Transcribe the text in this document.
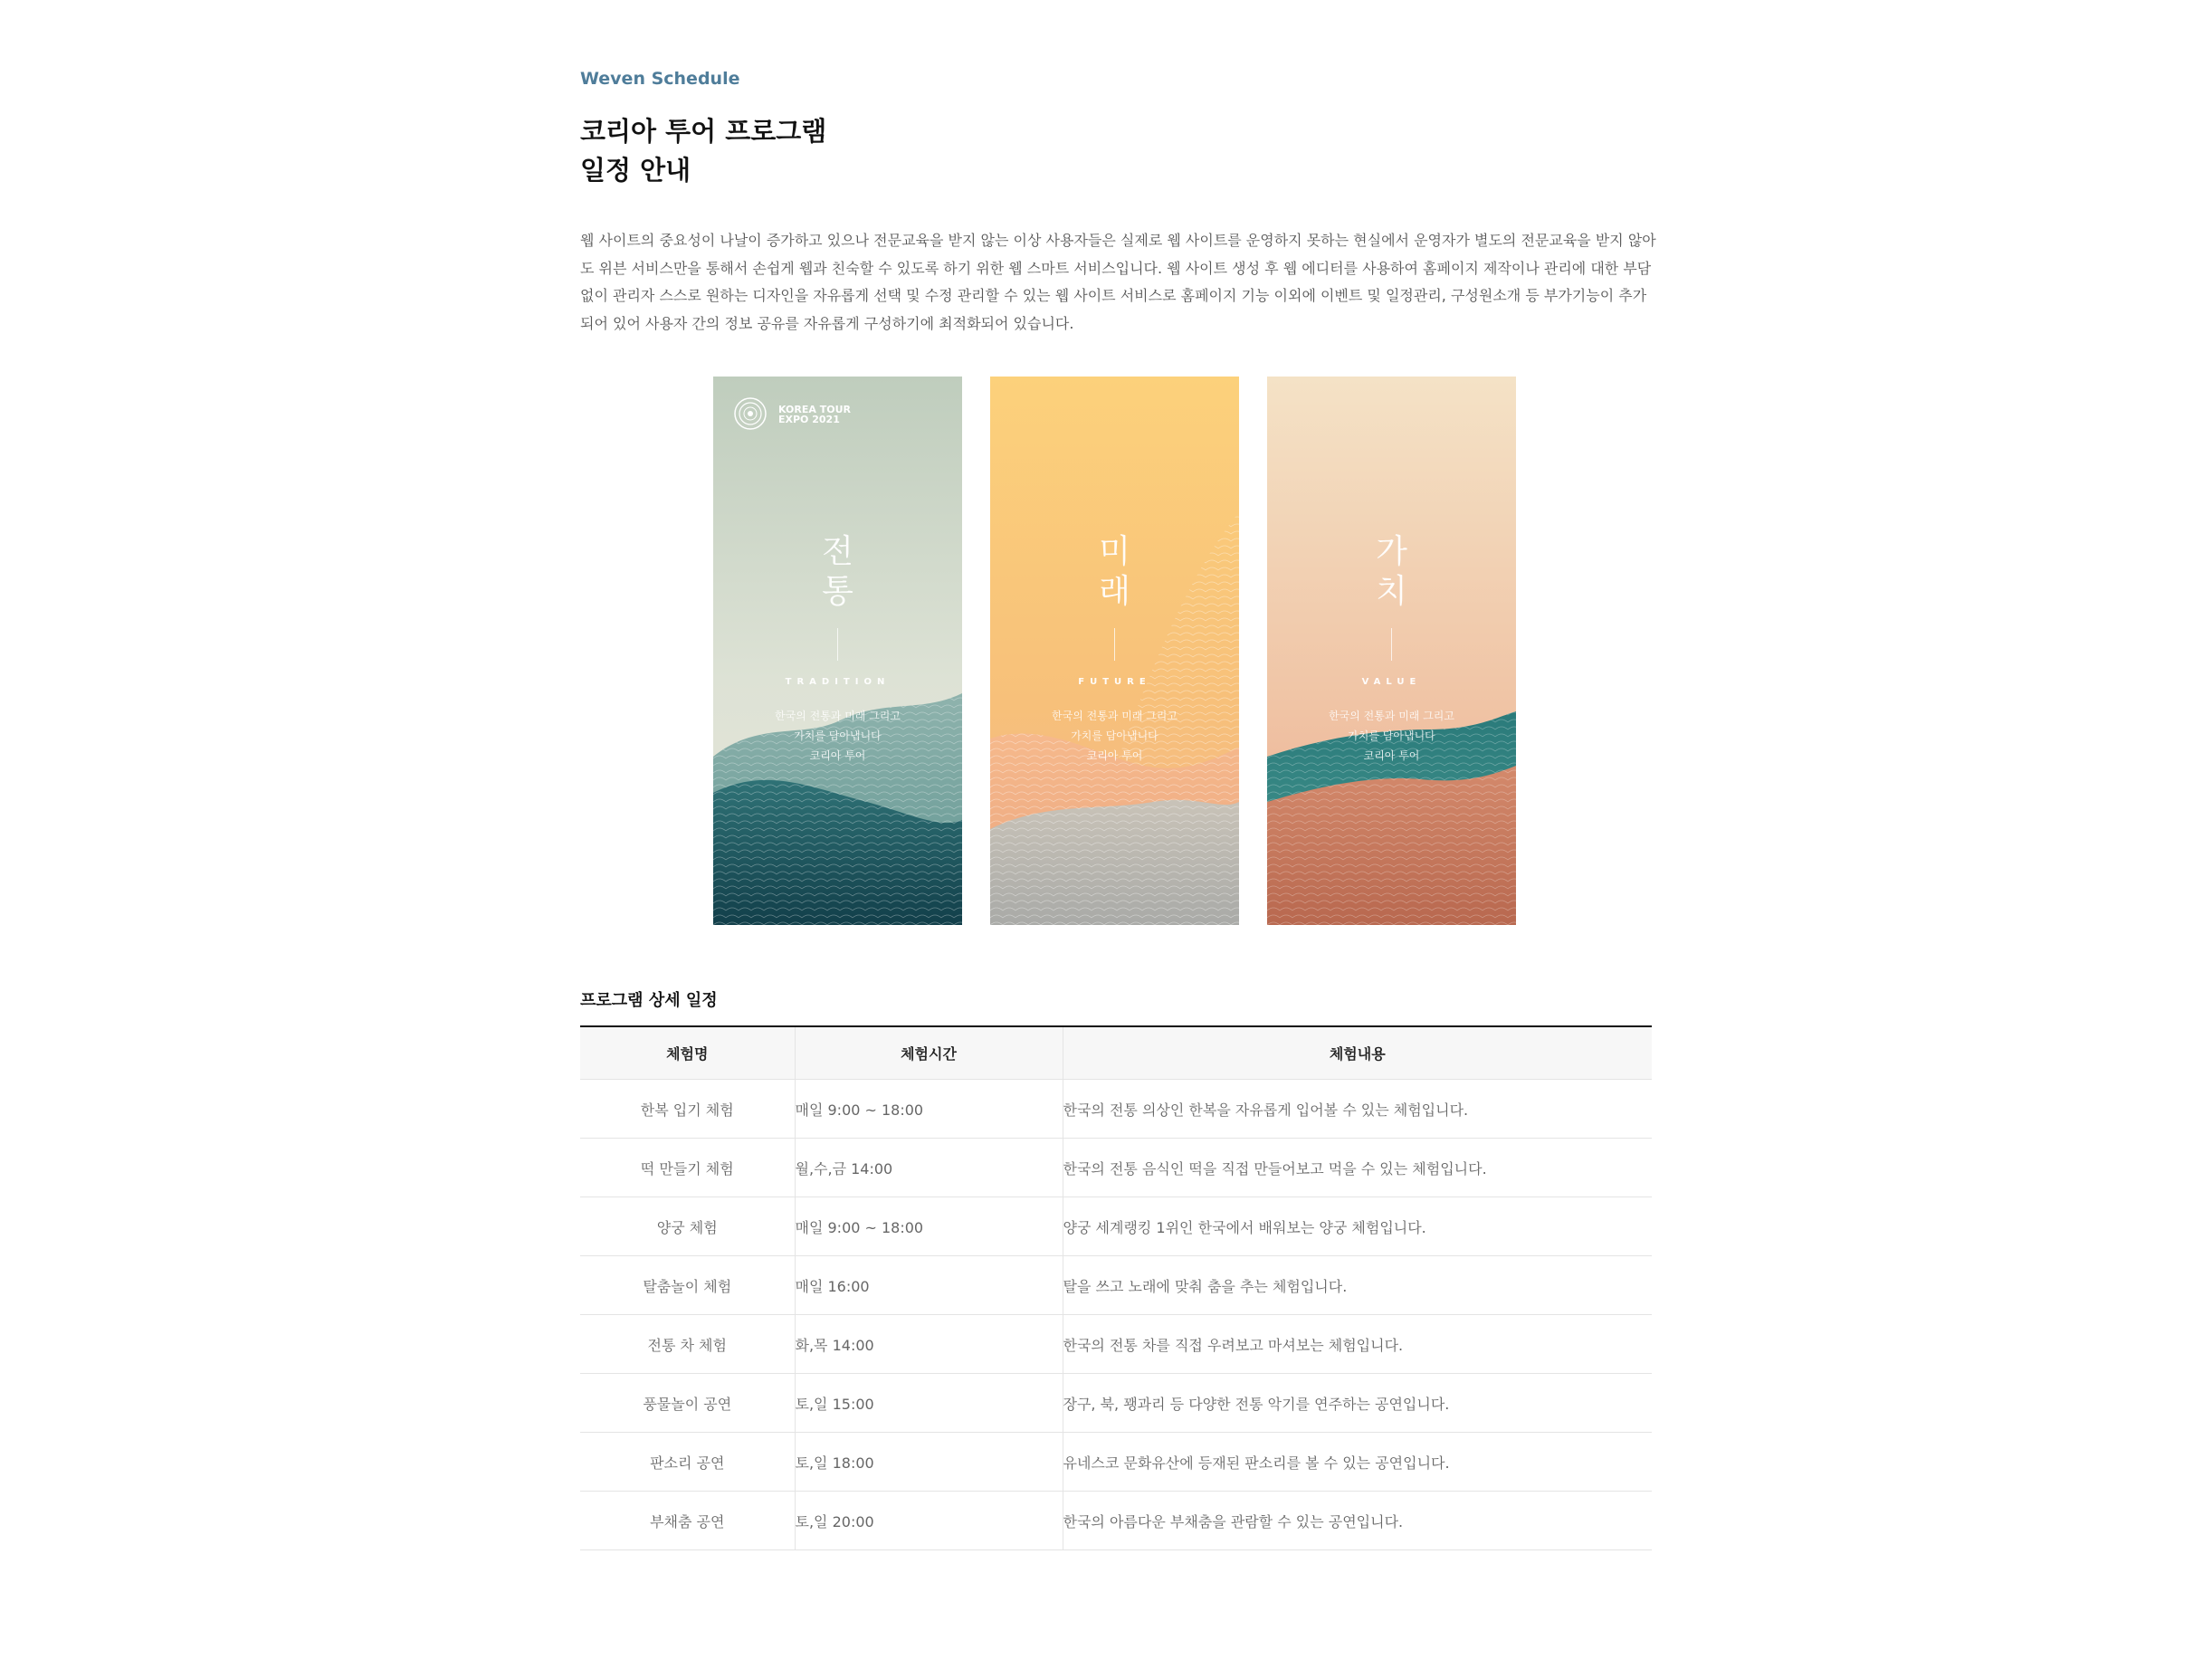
Weven Schedule
코리아 투어 프로그램
일정 안내

웹 사이트의 중요성이 나날이 증가하고 있으나 전문교육을 받지 않는 이상 사용자들은 실제로 웹 사이트를 운영하지 못하는 현실에서 운영자가 별도의 전문교육을 받지 않아도 위븐 서비스만을 통해서 손쉽게 웹과 친숙할 수 있도록 하기 위한 웹 스마트 서비스입니다. 웹 사이트 생성 후 웹 에디터를 사용하여 홈페이지 제작이나 관리에 대한 부담없이 관리자 스스로 원하는 디자인을 자유롭게 선택 및 수정 관리할 수 있는 웹 사이트 서비스로 홈페이지 기능 이외에 이벤트 및 일정관리, 구성원소개 등 부가기능이 추가되어 있어 사용자 간의 정보 공유를 자유롭게 구성하기에 최적화되어 있습니다.

KOREA TOUR
EXPO 2021
전
통
TRADITION
한국의 전통과 미래 그리고
가치를 담아냅니다
코리아 투어
미
래
FUTURE
한국의 전통과 미래 그리고
가치를 담아냅니다
코리아 투어
가
치
VALUE
한국의 전통과 미래 그리고
가치를 담아냅니다
코리아 투어
프로그램 상세 일정
체험명	체험시간	체험내용
한복 입기 체험	매일 9:00 ~ 18:00	한국의 전통 의상인 한복을 자유롭게 입어볼 수 있는 체험입니다.
떡 만들기 체험	월,수,금 14:00	한국의 전통 음식인 떡을 직접 만들어보고 먹을 수 있는 체험입니다.
양궁 체험	매일 9:00 ~ 18:00	양궁 세계랭킹 1위인 한국에서 배워보는 양궁 체험입니다.
탈춤놀이 체험	매일 16:00	탈을 쓰고 노래에 맞춰 춤을 추는 체험입니다.
전통 차 체험	화,목 14:00	한국의 전통 차를 직접 우려보고 마셔보는 체험입니다.
풍물놀이 공연	토,일 15:00	장구, 북, 꽹과리 등 다양한 전통 악기를 연주하는 공연입니다.
판소리 공연	토,일 18:00	유네스코 문화유산에 등재된 판소리를 볼 수 있는 공연입니다.
부채춤 공연	토,일 20:00	한국의 아름다운 부채춤을 관람할 수 있는 공연입니다.
